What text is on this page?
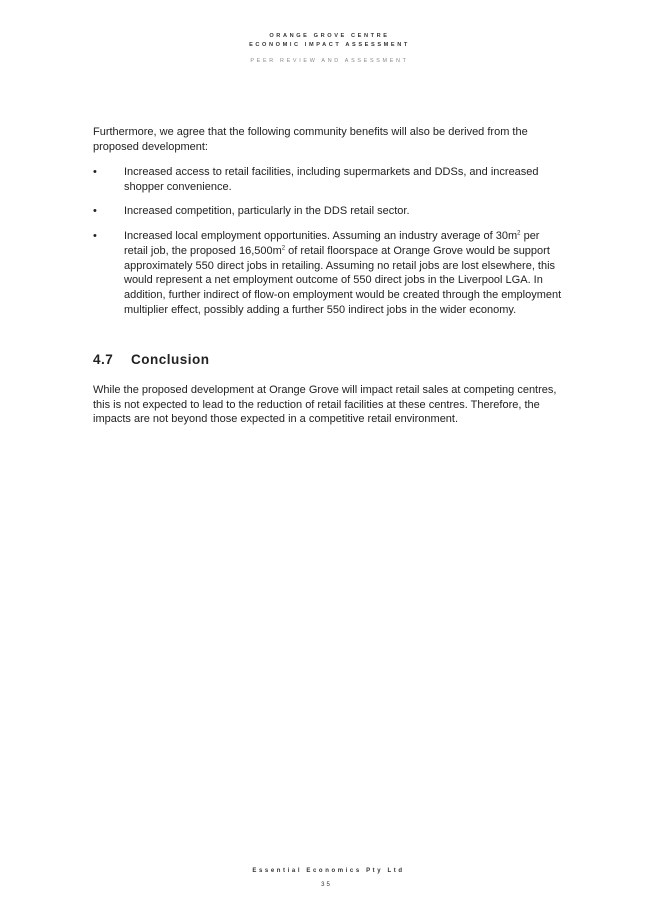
ORANGE GROVE CENTRE
ECONOMIC IMPACT ASSESSMENT
PEER REVIEW AND ASSESSMENT

Furthermore, we agree that the following community benefits will also be derived from the proposed development:

• Increased access to retail facilities, including supermarkets and DDSs, and increased shopper convenience.
• Increased competition, particularly in the DDS retail sector.
• Increased local employment opportunities. Assuming an industry average of $30m^2$ per retail job, the proposed $16,500m^2$ of retail floorspace at Orange Grove would be support approximately 550 direct jobs in retailing. Assuming no retail jobs are lost elsewhere, this would represent a net employment outcome of 550 direct jobs in the Liverpool LGA. In addition, further indirect of flow-on employment would be created through the employment multiplier effect, possibly adding a further 550 indirect jobs in the wider economy.
4.7 Conclusion

While the proposed development at Orange Grove will impact retail sales at competing centres, this is not expected to lead to the reduction of retail facilities at these centres. Therefore, the impacts are not beyond those expected in a competitive retail environment.

Essential Economics Pty Ltd
35
